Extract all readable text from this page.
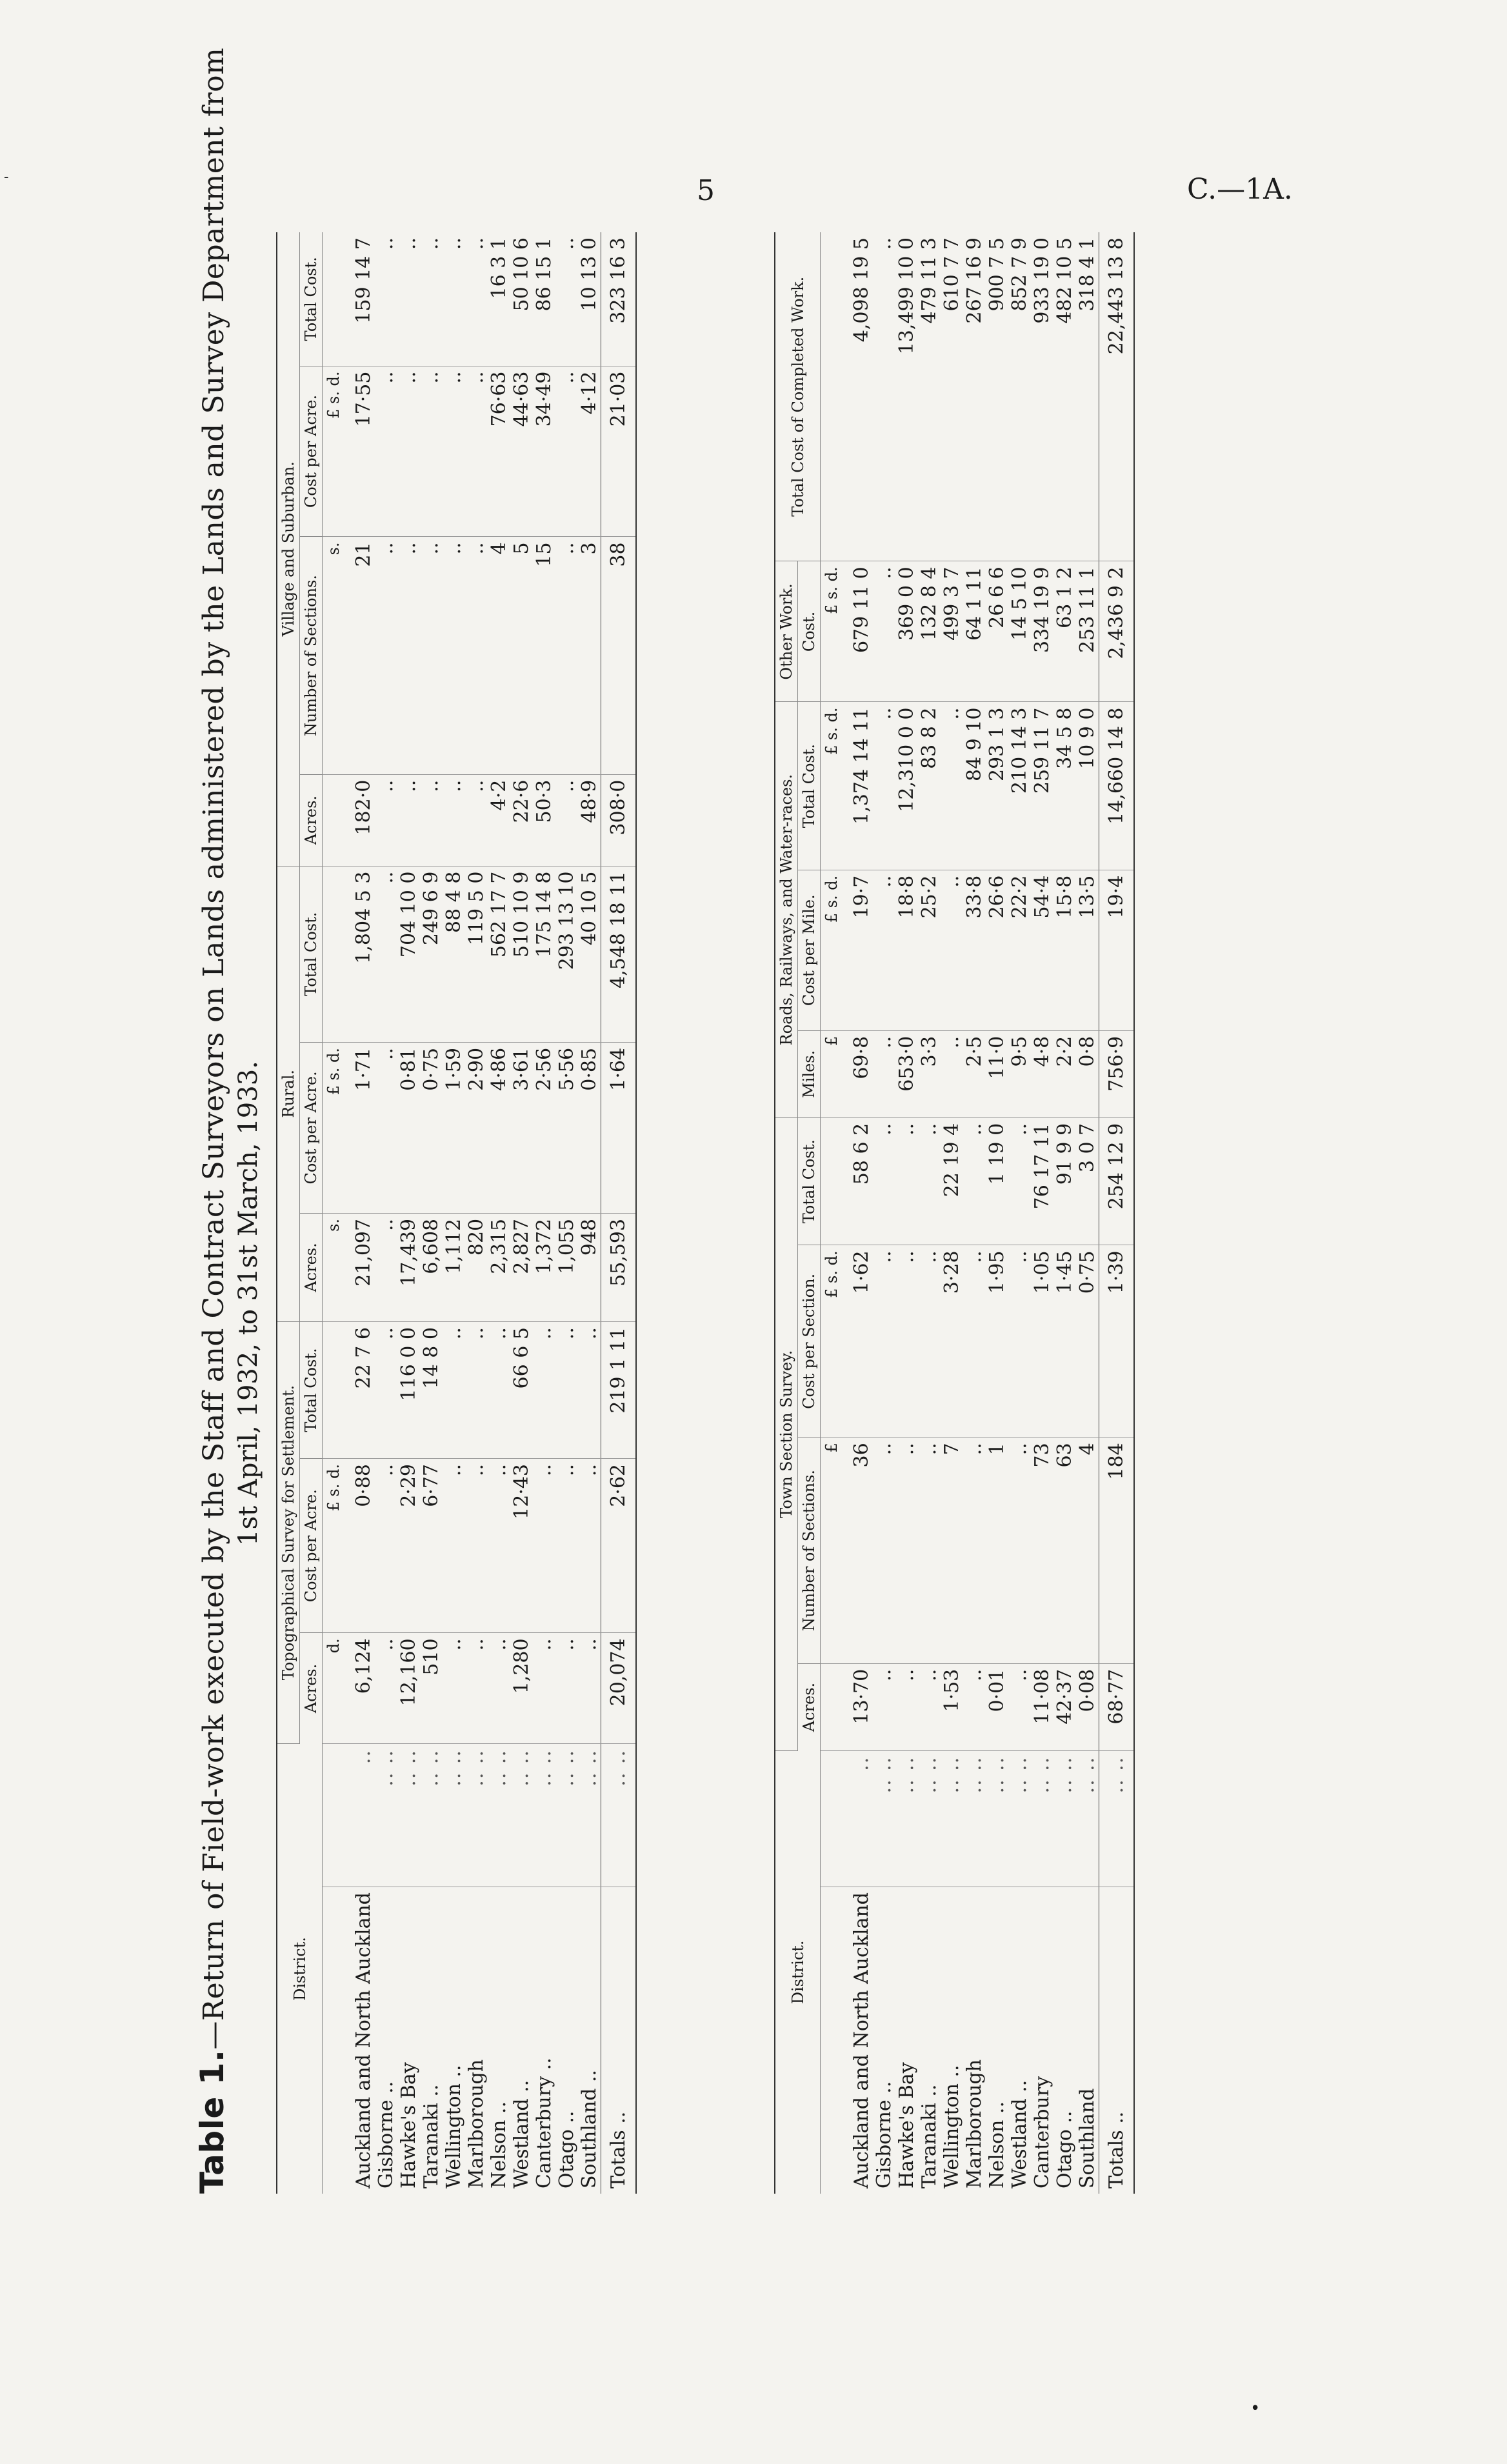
-	5	C.—1A.
•
Table 1.—Return of Field-work executed by the Staff and Contract Surveyors on Lands administered by the Lands and Survey Department from 1st April, 1932, to 31st March, 1933.
District.		Topographical Survey for Settlement.			Rural.			Village and Suburban.			
		Acres.	Cost per Acre.	Total Cost.	Acres.	Cost per Acre.	Total Cost.	Acres.	Number of Sections.	Cost per Acre.	Total Cost.
		d.	£ s. d.		s.	£ s. d.			s.	£ s. d.	
Auckland and North Auckland	..	6,124	0·88	22 7 6	21,097	1·71	1,804 5 3	182·0	21	17·55	159 14 7
Gisborne ..	.. ..	..	..	..	..	..	..	..	..	..	..
Hawke's Bay	.. ..	12,160	2·29	116 0 0	17,439	0·81	704 10 0	..	..	..	..
Taranaki ..	.. ..	510	6·77	14 8 0	6,608	0·75	249 6 9	..	..	..	..
Wellington ..	.. ..	..	..	..	1,112	1·59	88 4 8	..	..	..	..
Marlborough	.. ..	..	..	..	820	2·90	119 5 0	..	..	..	..
Nelson ..	.. ..	..	..	..	2,315	4·86	562 17 7	4·2	4	76·63	16 3 1
Westland ..	.. ..	1,280	12·43	66 6 5	2,827	3·61	510 10 9	22·6	5	44·63	50 10 6
Canterbury ..	.. ..	..	..	..	1,372	2·56	175 14 8	50·3	15	34·49	86 15 1
Otago ..	.. ..	..	..	..	1,055	5·56	293 13 10	..	..	..	..
Southland ..	.. ..	..	..	..	948	0·85	40 10 5	48·9	3	4·12	10 13 0
Totals ..	.. ..	20,074	2·62	219 1 11	55,593	1·64	4,548 18 11	308·0	38	21·03	323 16 3
District.		Town Section Survey.				Roads, Railways, and Water-races.			Other Work.	Total Cost of Completed Work.
		Acres.	Number of Sections.	Cost per Section.	Total Cost.	Miles.	Cost per Mile.	Total Cost.	Cost.	
			£	£ s. d.		£	£ s. d.	£ s. d.	£ s. d.	
Auckland and North Auckland	..	13·70	36	1·62	58 6 2	69·8	19·7	1,374 14 11	679 11 0	4,098 19 5
Gisborne ..	.. ..	..	..	..	..	..	..	..	..	..
Hawke's Bay	.. ..	..	..	..	..	653·0	18·8	12,310 0 0	369 0 0	13,499 10 0
Taranaki ..	.. ..	..	..	..	..	3·3	25·2	83 8 2	132 8 4	479 11 3
Wellington ..	.. ..	1·53	7	3·28	22 19 4	..	..	..	499 3 7	610 7 7
Marlborough	.. ..	..	..	..	..	2·5	33·8	84 9 10	64 1 11	267 16 9
Nelson ..	.. ..	0·01	1	1·95	1 19 0	11·0	26·6	293 1 3	26 6 6	900 7 5
Westland ..	.. ..	..	..	..	..	9·5	22·2	210 14 3	14 5 10	852 7 9
Canterbury	.. ..	11·08	73	1·05	76 17 11	4·8	54·4	259 11 7	334 19 9	933 19 0
Otago ..	.. ..	42·37	63	1·45	91 9 9	2·2	15·8	34 5 8	63 1 2	482 10 5
Southland	.. ..	0·08	4	0·75	3 0 7	0·8	13·5	10 9 0	253 11 1	318 4 1
Totals ..	.. ..	68·77	184	1·39	254 12 9	756·9	19·4	14,660 14 8	2,436 9 2	22,443 13 8
